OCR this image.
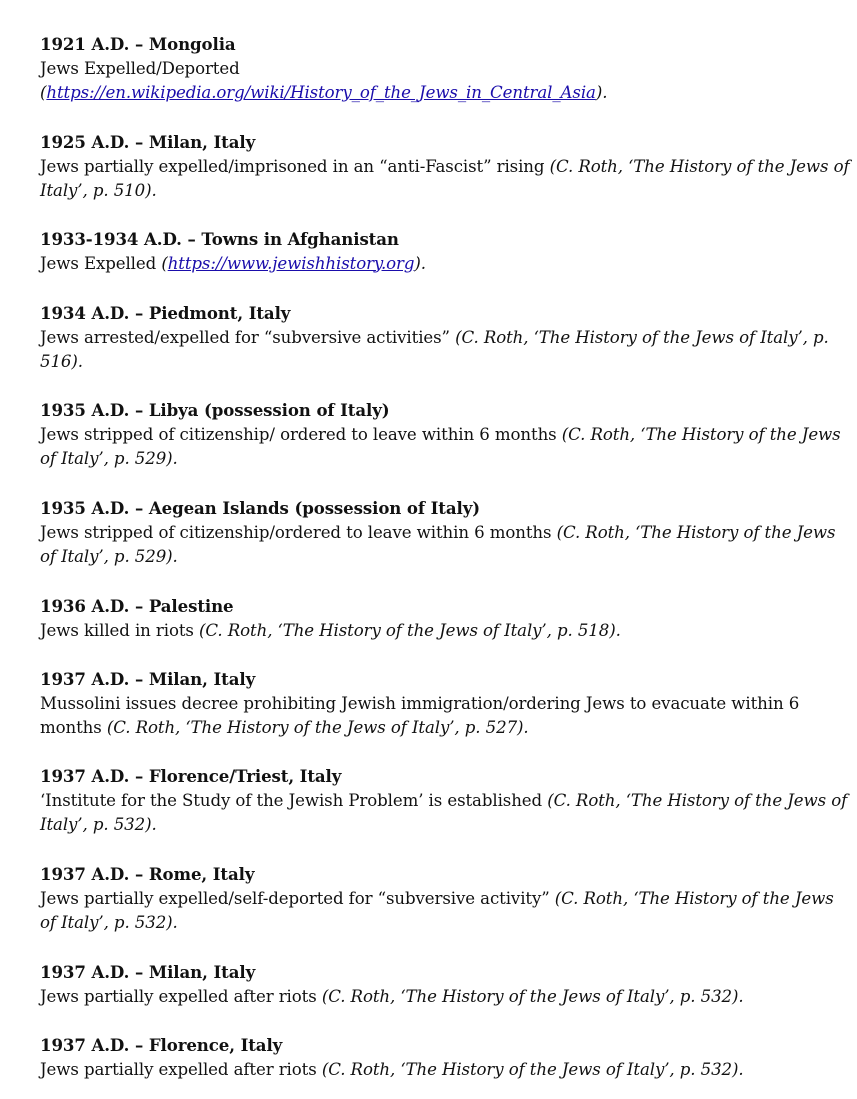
1921 A.D. – Mongolia

Jews Expelled/Deported

(https://en.wikipedia.org/wiki/History_of_the_Jews_in_Central_Asia).

1925 A.D. – Milan, Italy

Jews partially expelled/imprisoned in an “anti-Fascist” rising (C. Roth, ‘The History of the Jews of Italy’, p. 510).

1933-1934 A.D. – Towns in Afghanistan

Jews Expelled (https://www.jewishhistory.org).

1934 A.D. – Piedmont, Italy

Jews arrested/expelled for “subversive activities” (C. Roth, ‘The History of the Jews of Italy’, p. 516).

1935 A.D. – Libya (possession of Italy)

Jews stripped of citizenship/ ordered to leave within 6 months (C. Roth, ‘The History of the Jews of Italy’, p. 529).

1935 A.D. – Aegean Islands (possession of Italy)

Jews stripped of citizenship/ordered to leave within 6 months (C. Roth, ‘The History of the Jews of Italy’, p. 529).

1936 A.D. – Palestine

Jews killed in riots (C. Roth, ‘The History of the Jews of Italy’, p. 518).

1937 A.D. – Milan, Italy

Mussolini issues decree prohibiting Jewish immigration/ordering Jews to evacuate within 6 months (C. Roth, ‘The History of the Jews of Italy’, p. 527).

1937 A.D. – Florence/Triest, Italy

‘Institute for the Study of the Jewish Problem’ is established (C. Roth, ‘The History of the Jews of Italy’, p. 532).

1937 A.D. – Rome, Italy

Jews partially expelled/self-deported for “subversive activity” (C. Roth, ‘The History of the Jews of Italy’, p. 532).

1937 A.D. – Milan, Italy

Jews partially expelled after riots (C. Roth, ‘The History of the Jews of Italy’, p. 532).

1937 A.D. – Florence, Italy

Jews partially expelled after riots (C. Roth, ‘The History of the Jews of Italy’, p. 532).
